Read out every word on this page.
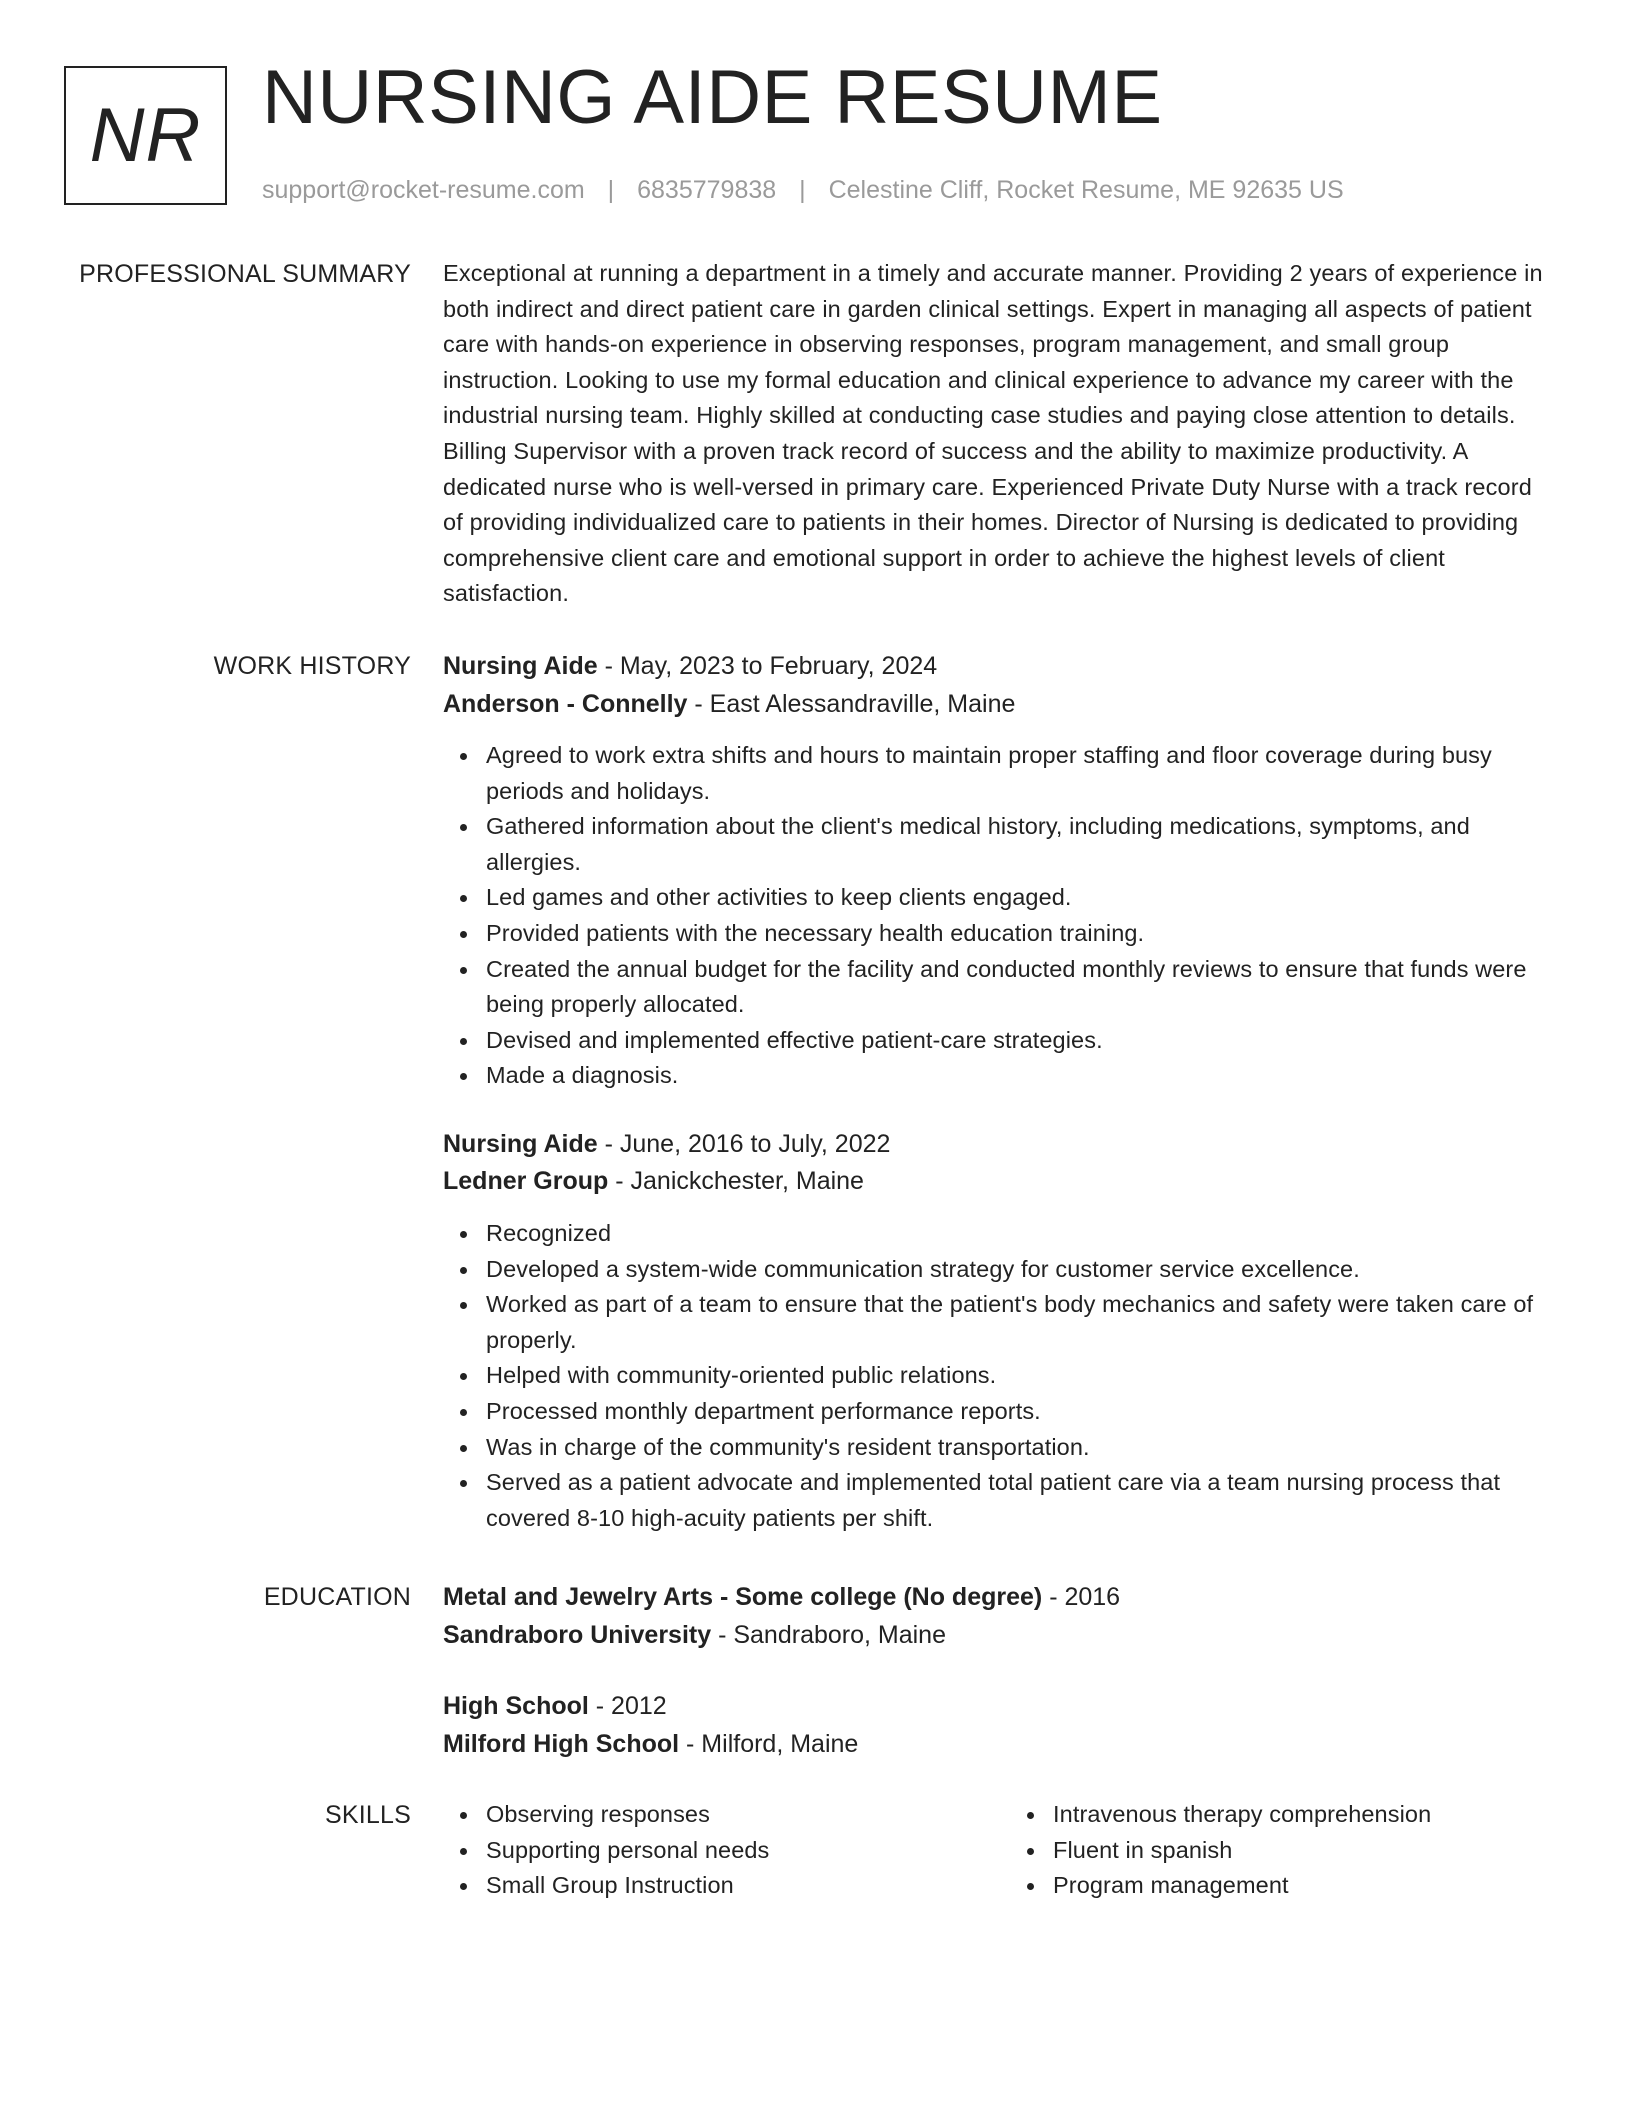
NR NURSING AIDE RESUME
support@rocket-resume.com | 6835779838 | Celestine Cliff, Rocket Resume, ME 92635 US
PROFESSIONAL SUMMARY Exceptional at running a department in a timely and accurate manner. Providing 2 years of experience in both indirect and direct patient care in garden clinical settings. Expert in managing all aspects of patient care with hands-on experience in observing responses, program management, and small group instruction. Looking to use my formal education and clinical experience to advance my career with the industrial nursing team. Highly skilled at conducting case studies and paying close attention to details. Billing Supervisor with a proven track record of success and the ability to maximize productivity. A dedicated nurse who is well-versed in primary care. Experienced Private Duty Nurse with a track record of providing individualized care to patients in their homes. Director of Nursing is dedicated to providing comprehensive client care and emotional support in order to achieve the highest levels of client satisfaction.

WORK HISTORY Nursing Aide - May, 2023 to February, 2024
Anderson - Connelly - East Alessandraville, Maine
Agreed to work extra shifts and hours to maintain proper staffing and floor coverage during busy periods and holidays.
Gathered information about the client's medical history, including medications, symptoms, and allergies.
Led games and other activities to keep clients engaged.
Provided patients with the necessary health education training.
Created the annual budget for the facility and conducted monthly reviews to ensure that funds were being properly allocated.
Devised and implemented effective patient-care strategies.
Made a diagnosis.
Nursing Aide - June, 2016 to July, 2022
Ledner Group - Janickchester, Maine
Recognized
Developed a system-wide communication strategy for customer service excellence.
Worked as part of a team to ensure that the patient's body mechanics and safety were taken care of properly.
Helped with community-oriented public relations.
Processed monthly department performance reports.
Was in charge of the community's resident transportation.
Served as a patient advocate and implemented total patient care via a team nursing process that covered 8-10 high-acuity patients per shift.
EDUCATION Metal and Jewelry Arts - Some college (No degree) - 2016
Sandraboro University - Sandraboro, Maine
High School - 2012
Milford High School - Milford, Maine
SKILLS	Observing responses
Supporting personal needs
Small Group Instruction
Intravenous therapy comprehension
Fluent in spanish
Program management
